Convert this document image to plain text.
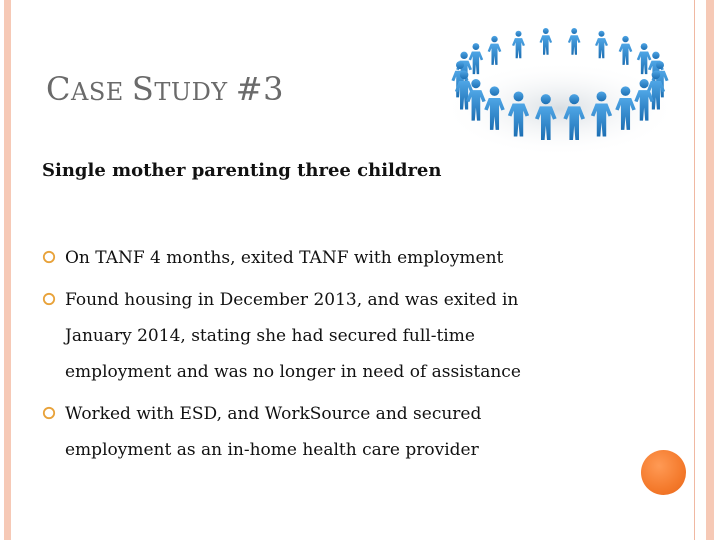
CASE STUDY #3
Single mother parenting three children
On TANF 4 months, exited TANF with employment
Found housing in December 2013, and was exited in
January 2014, stating she had secured full-time
employment and was no longer in need of assistance
Worked with ESD, and WorkSource and secured
employment as an in-home health care provider
